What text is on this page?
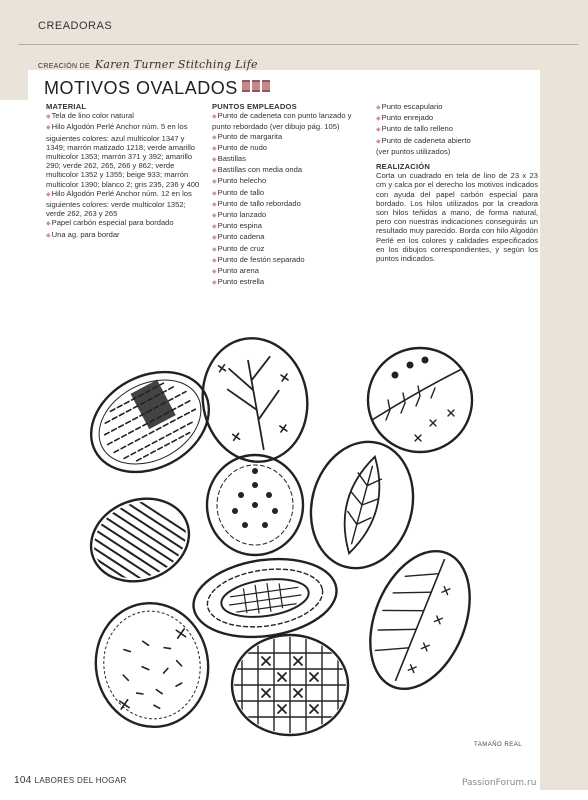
CREADORAS
CREACIÓN DE Karen Turner Stitching Life
MOTIVOS OVALADOS
MATERIAL

◆ Tela de lino color natural

◆ Hilo Algodón Perlé Anchor núm. 5 en los siguientes colores: azul multicolor 1347 y 1349; marrón matizado 1218; verde amarillo multicolor 1353; marrón 371 y 392; amarillo 290; verde 262, 265, 266 y 862; verde multicolor 1352 y 1355; beige 933; marrón multicolor 1390; blanco 2; gris 235, 236 y 400

◆ Hilo Algodón Perlé Anchor núm. 12 en los siguientes colores: verde multicolor 1352; verde 262, 263 y 265

◆ Papel carbón especial para bordado

◆ Una ag. para bordar

PUNTOS EMPLEADOS

◆ Punto de cadeneta con punto lanzado y punto rebordado (ver dibujo pág. 105)

◆ Punto de margarita

◆ Punto de nudo

◆ Bastillas

◆ Bastillas con media onda

◆ Punto helecho

◆ Punto de tallo

◆ Punto de tallo rebordado

◆ Punto lanzado

◆ Punto espina

◆ Punto cadena

◆ Punto de cruz

◆ Punto de festón separado

◆ Punto arena

◆ Punto estrella

◆ Punto escapulario

◆ Punto enrejado

◆ Punto de tallo relleno

◆ Punto de cadeneta abierto

(ver puntos utilizados)

REALIZACIÓN

Corta un cuadrado en tela de lino de 23 x 23 cm y calca por el derecho los motivos indicados con ayuda del papel carbón especial para bordado. Los hilos utilizados por la creadora son hilos teñidos a mano, de forma natural, pero con nuestras indicaciones conseguirás un resultado muy parecido. Borda con hilo Algodón Perlé en los colores y calidades especificados en los dibujos correspondientes, y según los puntos indicados.

TAMAÑO REAL
104 LABORES DEL HOGAR	PassionForum.ru
